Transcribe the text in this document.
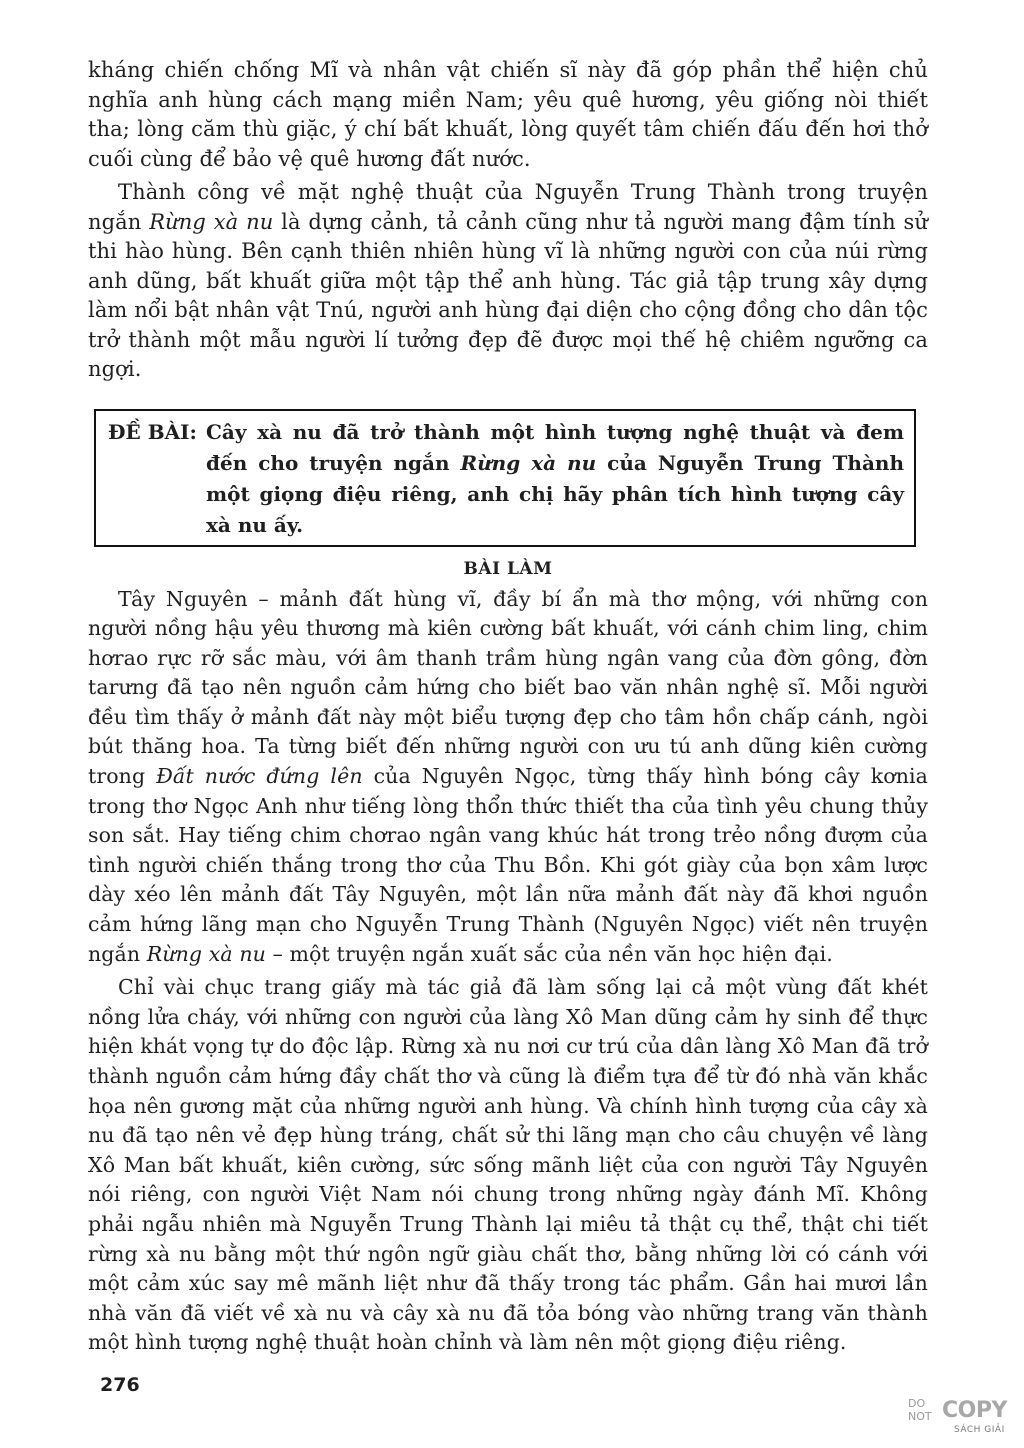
kháng chiến chống Mĩ và nhân vật chiến sĩ này đã góp phần thể hiện chủ nghĩa anh hùng cách mạng miền Nam; yêu quê hương, yêu giống nòi thiết tha; lòng căm thù giặc, ý chí bất khuất, lòng quyết tâm chiến đấu đến hơi thở cuối cùng để bảo vệ quê hương đất nước.

Thành công về mặt nghệ thuật của Nguyễn Trung Thành trong truyện ngắn Rừng xà nu là dựng cảnh, tả cảnh cũng như tả người mang đậm tính sử thi hào hùng. Bên cạnh thiên nhiên hùng vĩ là những người con của núi rừng anh dũng, bất khuất giữa một tập thể anh hùng. Tác giả tập trung xây dựng làm nổi bật nhân vật Tnú, người anh hùng đại diện cho cộng đồng cho dân tộc trở thành một mẫu người lí tưởng đẹp đẽ được mọi thế hệ chiêm ngưỡng ca ngợi.

ĐỀ BÀI: Cây xà nu đã trở thành một hình tượng nghệ thuật và đem đến cho truyện ngắn Rừng xà nu của Nguyễn Trung Thành một giọng điệu riêng, anh chị hãy phân tích hình tượng cây xà nu ấy.
BÀI LÀM

Tây Nguyên – mảnh đất hùng vĩ, đầy bí ẩn mà thơ mộng, với những con người nồng hậu yêu thương mà kiên cường bất khuất, với cánh chim ling, chim hơrao rực rỡ sắc màu, với âm thanh trầm hùng ngân vang của đờn gông, đờn tarưng đã tạo nên nguồn cảm hứng cho biết bao văn nhân nghệ sĩ. Mỗi người đều tìm thấy ở mảnh đất này một biểu tượng đẹp cho tâm hồn chấp cánh, ngòi bút thăng hoa. Ta từng biết đến những người con ưu tú anh dũng kiên cường trong Đất nước đứng lên của Nguyên Ngọc, từng thấy hình bóng cây kơnia trong thơ Ngọc Anh như tiếng lòng thổn thức thiết tha của tình yêu chung thủy son sắt. Hay tiếng chim chơrao ngân vang khúc hát trong trẻo nồng đượm của tình người chiến thắng trong thơ của Thu Bồn. Khi gót giày của bọn xâm lược dày xéo lên mảnh đất Tây Nguyên, một lần nữa mảnh đất này đã khơi nguồn cảm hứng lãng mạn cho Nguyễn Trung Thành (Nguyên Ngọc) viết nên truyện ngắn Rừng xà nu – một truyện ngắn xuất sắc của nền văn học hiện đại.

Chỉ vài chục trang giấy mà tác giả đã làm sống lại cả một vùng đất khét nồng lửa cháy, với những con người của làng Xô Man dũng cảm hy sinh để thực hiện khát vọng tự do độc lập. Rừng xà nu nơi cư trú của dân làng Xô Man đã trở thành nguồn cảm hứng đầy chất thơ và cũng là điểm tựa để từ đó nhà văn khắc họa nên gương mặt của những người anh hùng. Và chính hình tượng của cây xà nu đã tạo nên vẻ đẹp hùng tráng, chất sử thi lãng mạn cho câu chuyện về làng Xô Man bất khuất, kiên cường, sức sống mãnh liệt của con người Tây Nguyên nói riêng, con người Việt Nam nói chung trong những ngày đánh Mĩ. Không phải ngẫu nhiên mà Nguyễn Trung Thành lại miêu tả thật cụ thể, thật chi tiết rừng xà nu bằng một thứ ngôn ngữ giàu chất thơ, bằng những lời có cánh với một cảm xúc say mê mãnh liệt như đã thấy trong tác phẩm. Gần hai mươi lần nhà văn đã viết về xà nu và cây xà nu đã tỏa bóng vào những trang văn thành một hình tượng nghệ thuật hoàn chỉnh và làm nên một giọng điệu riêng.

276
DO
NOT COPY
SÁCH GIẢI
